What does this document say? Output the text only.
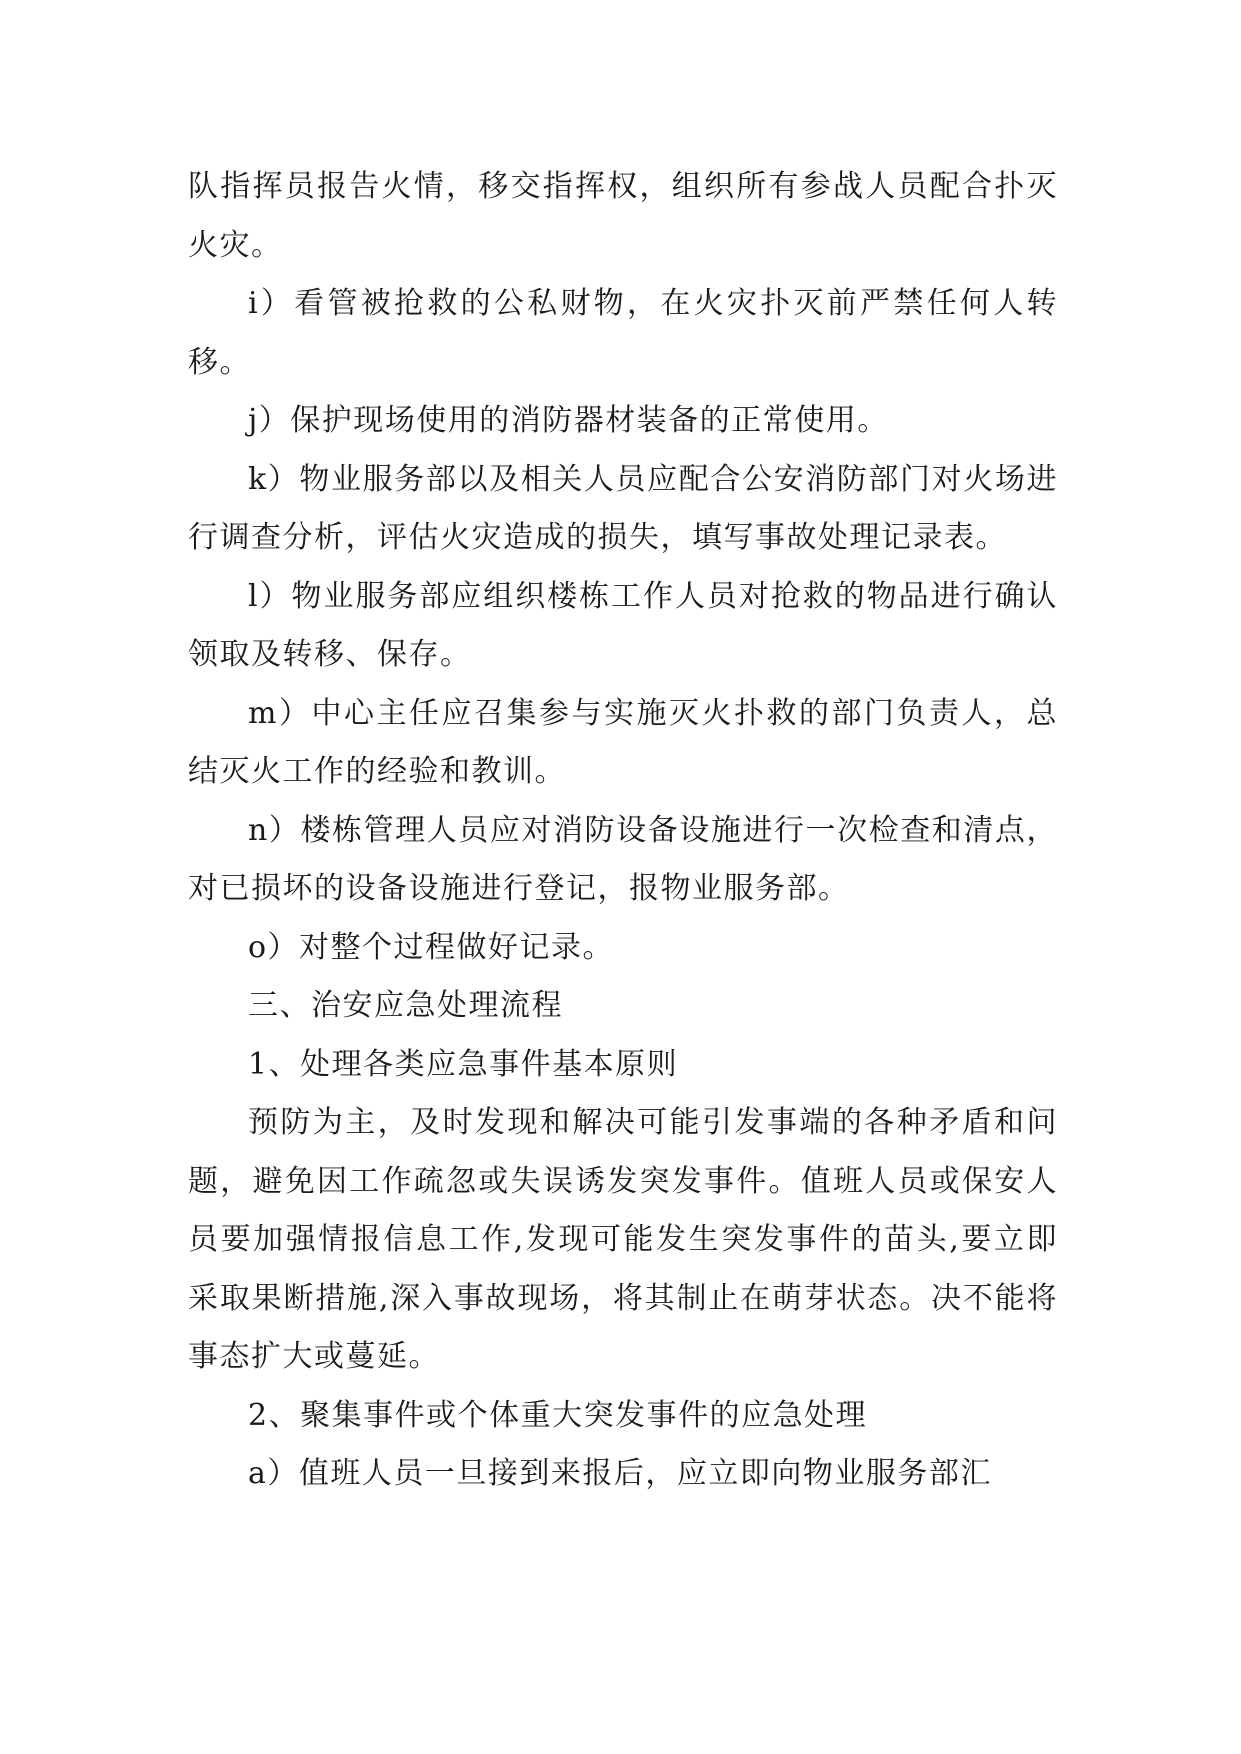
队指挥员报告火情，移交指挥权，组织所有参战人员配合扑灭火灾。

i）看管被抢救的公私财物，在火灾扑灭前严禁任何人转移。

j）保护现场使用的消防器材装备的正常使用。

k）物业服务部以及相关人员应配合公安消防部门对火场进行调查分析，评估火灾造成的损失，填写事故处理记录表。

l）物业服务部应组织楼栋工作人员对抢救的物品进行确认领取及转移、保存。

m）中心主任应召集参与实施灭火扑救的部门负责人，总结灭火工作的经验和教训。

n）楼栋管理人员应对消防设备设施进行一次检查和清点，对已损坏的设备设施进行登记，报物业服务部。

o）对整个过程做好记录。

三、治安应急处理流程

1、处理各类应急事件基本原则

预防为主，及时发现和解决可能引发事端的各种矛盾和问题，避免因工作疏忽或失误诱发突发事件。值班人员或保安人员要加强情报信息工作,发现可能发生突发事件的苗头,要立即采取果断措施,深入事故现场，将其制止在萌芽状态。决不能将事态扩大或蔓延。

2、聚集事件或个体重大突发事件的应急处理

a）值班人员一旦接到来报后，应立即向物业服务部汇
